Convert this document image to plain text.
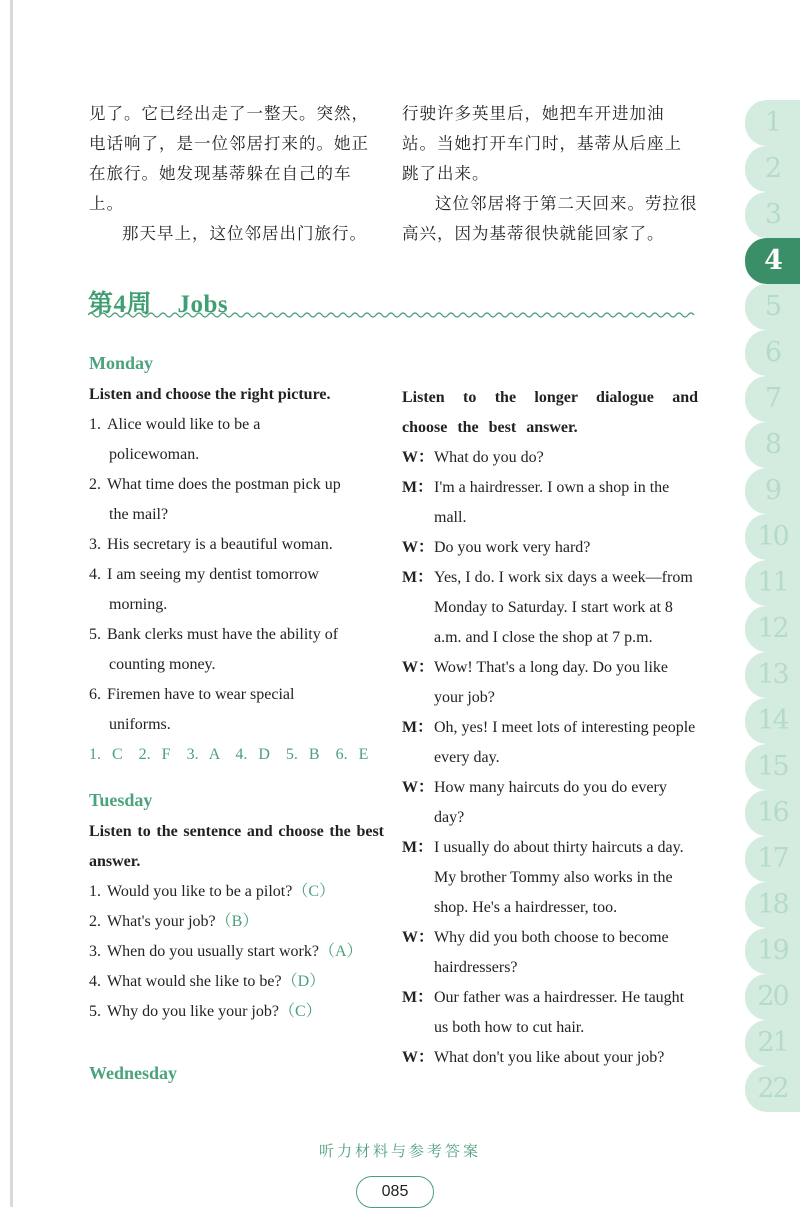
见了。它已经出走了一整天。突然，电话响了，是一位邻居打来的。她正在旅行。她发现基蒂躲在自己的车上。
那天早上，这位邻居出门旅行。
行驶许多英里后，她把车开进加油站。当她打开车门时，基蒂从后座上跳了出来。
这位邻居将于第二天回来。劳拉很高兴，因为基蒂很快就能回家了。
第4周　Jobs
Monday
Listen and choose the right picture.
1. Alice would like to be a
policewoman.
2. What time does the postman pick up
the mail?
3. His secretary is a beautiful woman.
4. I am seeing my dentist tomorrow
morning.
5. Bank clerks must have the ability of
counting money.
6. Firemen have to wear special
uniforms.
1. C　2. F　3. A　4. D　5. B　6. E
Tuesday
Listen to the sentence and choose the best answer.
1. Would you like to be a pilot?（C）
2. What's your job?（B）
3. When do you usually start work?（A）
4. What would she like to be?（D）
5. Why do you like your job?（C）
Wednesday
Listen to the longer dialogue and choose the best answer.
W： What do you do?
M： I'm a hairdresser. I own a shop in the mall.
W： Do you work very hard?
M： Yes, I do. I work six days a week—from Monday to Saturday. I start work at 8 a.m. and I close the shop at 7 p.m.
W： Wow! That's a long day. Do you like your job?
M： Oh, yes! I meet lots of interesting people every day.
W： How many haircuts do you do every day?
M： I usually do about thirty haircuts a day. My brother Tommy also works in the shop. He's a hairdresser, too.
W： Why did you both choose to become hairdressers?
M： Our father was a hairdresser. He taught us both how to cut hair.
W： What don't you like about your job?
1
2
3
4
5
6
7
8
9
10
11
12
13
14
15
16
17
18
19
20
21
22
听力材料与参考答案
085
